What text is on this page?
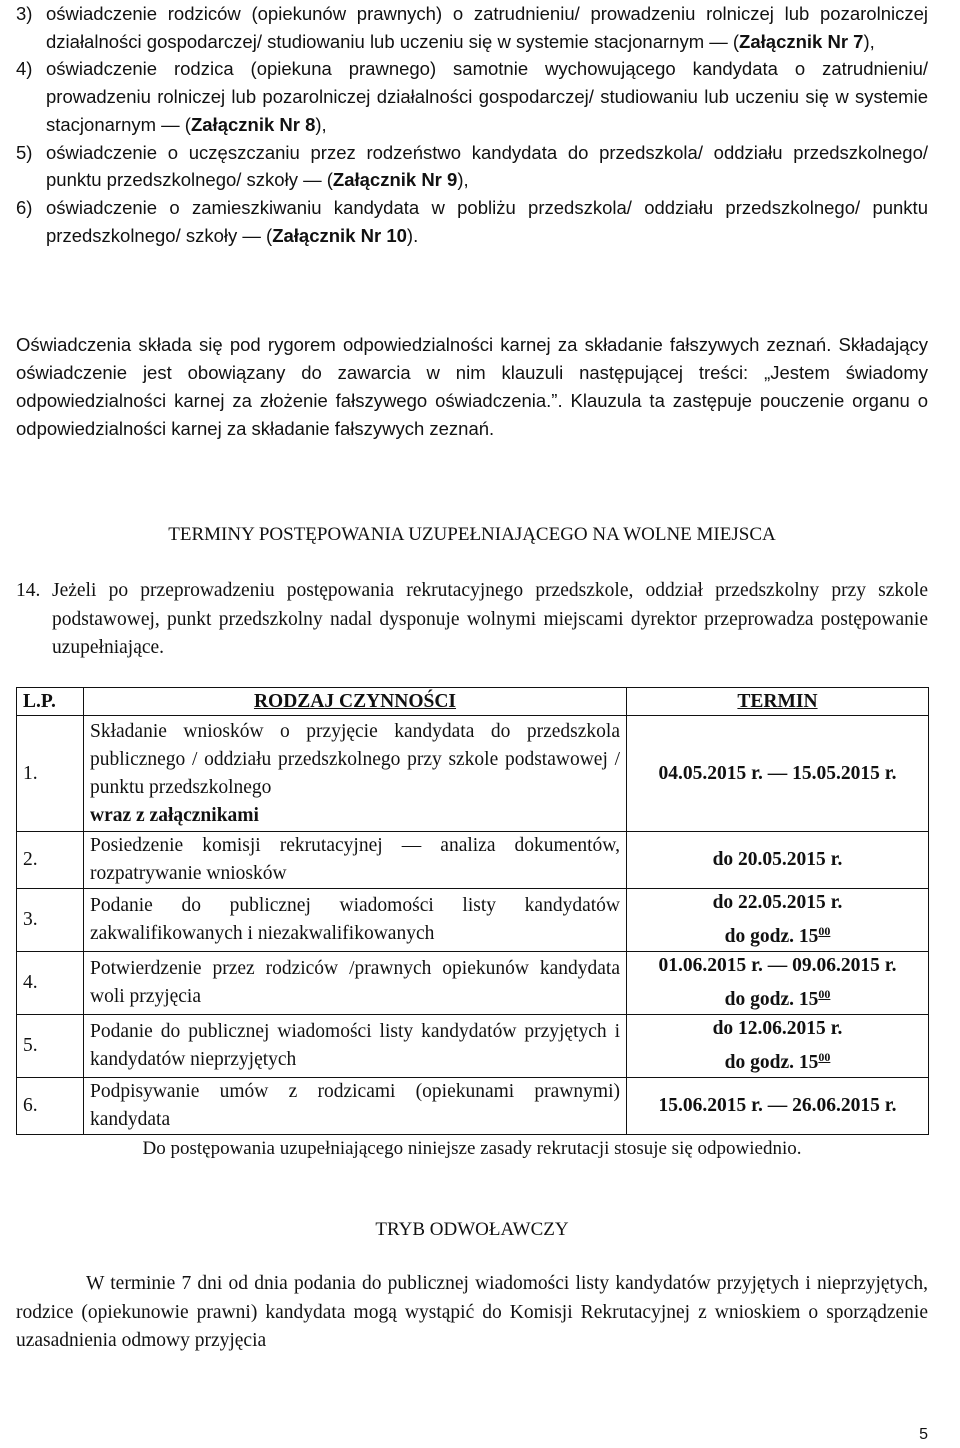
3) oświadczenie rodziców (opiekunów prawnych) o zatrudnieniu/ prowadzeniu rolniczej lub pozarolniczej działalności gospodarczej/ studiowaniu lub uczeniu się w systemie stacjonarnym — (Załącznik Nr 7),

4) oświadczenie rodzica (opiekuna prawnego) samotnie wychowującego kandydata o zatrudnieniu/ prowadzeniu rolniczej lub pozarolniczej działalności gospodarczej/ studiowaniu lub uczeniu się w systemie stacjonarnym — (Załącznik Nr 8),

5) oświadczenie o uczęszczaniu przez rodzeństwo kandydata do przedszkola/ oddziału przedszkolnego/ punktu przedszkolnego/ szkoły — (Załącznik Nr 9),

6) oświadczenie o zamieszkiwaniu kandydata w pobliżu przedszkola/ oddziału przedszkolnego/ punktu przedszkolnego/ szkoły — (Załącznik Nr 10).

Oświadczenia składa się pod rygorem odpowiedzialności karnej za składanie fałszywych zeznań. Składający oświadczenie jest obowiązany do zawarcia w nim klauzuli następującej treści: „Jestem świadomy odpowiedzialności karnej za złożenie fałszywego oświadczenia.”. Klauzula ta zastępuje pouczenie organu o odpowiedzialności karnej za składanie fałszywych zeznań.

TERMINY POSTĘPOWANIA UZUPEŁNIAJĄCEGO NA WOLNE MIEJSCA

14. Jeżeli po przeprowadzeniu postępowania rekrutacyjnego przedszkole, oddział przedszkolny przy szkole podstawowej, punkt przedszkolny nadal dysponuje wolnymi miejscami dyrektor przeprowadza postępowanie uzupełniające.

L.P.	RODZAJ CZYNNOŚCI	TERMIN
1.	Składanie wniosków o przyjęcie kandydata do przedszkola publicznego / oddziału przedszkolnego przy szkole podstawowej / punktu przedszkolnego
wraz z załącznikami	04.05.2015 r. — 15.05.2015 r.
2.	Posiedzenie komisji rekrutacyjnej — analiza dokumentów, rozpatrywanie wniosków	do 20.05.2015 r.
3.	Podanie do publicznej wiadomości listy kandydatów zakwalifikowanych i niezakwalifikowanych	do 22.05.2015 r.
do godz. $15^{00}$
4.	Potwierdzenie przez rodziców /prawnych opiekunów kandydata woli przyjęcia	01.06.2015 r. — 09.06.2015 r.
do godz. $15^{00}$
5.	Podanie do publicznej wiadomości listy kandydatów przyjętych i kandydatów nieprzyjętych	do 12.06.2015 r.
do godz. $15^{00}$
6.	Podpisywanie umów z rodzicami (opiekunami prawnymi) kandydata	15.06.2015 r. — 26.06.2015 r.

Do postępowania uzupełniającego niniejsze zasady rekrutacji stosuje się odpowiednio.

TRYB ODWOŁAWCZY

W terminie 7 dni od dnia podania do publicznej wiadomości listy kandydatów przyjętych i nieprzyjętych, rodzice (opiekunowie prawni) kandydata mogą wystąpić do Komisji Rekrutacyjnej z wnioskiem o sporządzenie uzasadnienia odmowy przyjęcia

5
